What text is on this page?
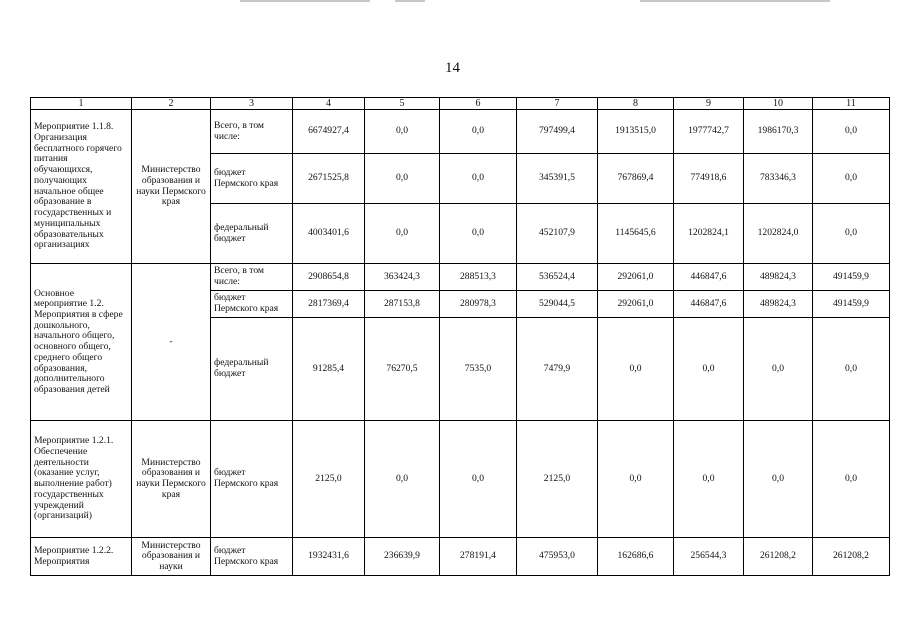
14
1	2	3	4	5	6	7	8	9	10	11

Мероприятие 1.1.8. Организация бесплатного горячего питания обучающихся, получающих начальное общее образование в государственных и муниципальных образовательных организациях	Министерство образования и науки Пермского края	Всего, в том числе:	6674927,4	0,0	0,0	797499,4	1913515,0	1977742,7	1986170,3	0,0
		бюджет Пермского края	2671525,8	0,0	0,0	345391,5	767869,4	774918,6	783346,3	0,0
		федеральный бюджет	4003401,6	0,0	0,0	452107,9	1145645,6	1202824,1	1202824,0	0,0

Основное мероприятие 1.2. Мероприятия в сфере дошкольного, начального общего, основного общего, среднего общего образования, дополнительного образования детей	-	Всего, в том числе:	2908654,8	363424,3	288513,3	536524,4	292061,0	446847,6	489824,3	491459,9
		бюджет Пермского края	2817369,4	287153,8	280978,3	529044,5	292061,0	446847,6	489824,3	491459,9
		федеральный бюджет	91285,4	76270,5	7535,0	7479,9	0,0	0,0	0,0	0,0

Мероприятие 1.2.1. Обеспечение деятельности (оказание услуг, выполнение работ) государственных учреждений (организаций)	Министерство образования и науки Пермского края	бюджет Пермского края	2125,0	0,0	0,0	2125,0	0,0	0,0	0,0	0,0

Мероприятие 1.2.2. Мероприятия	Министерство образования и науки	бюджет Пермского края	1932431,6	236639,9	278191,4	475953,0	162686,6	256544,3	261208,2	261208,2
